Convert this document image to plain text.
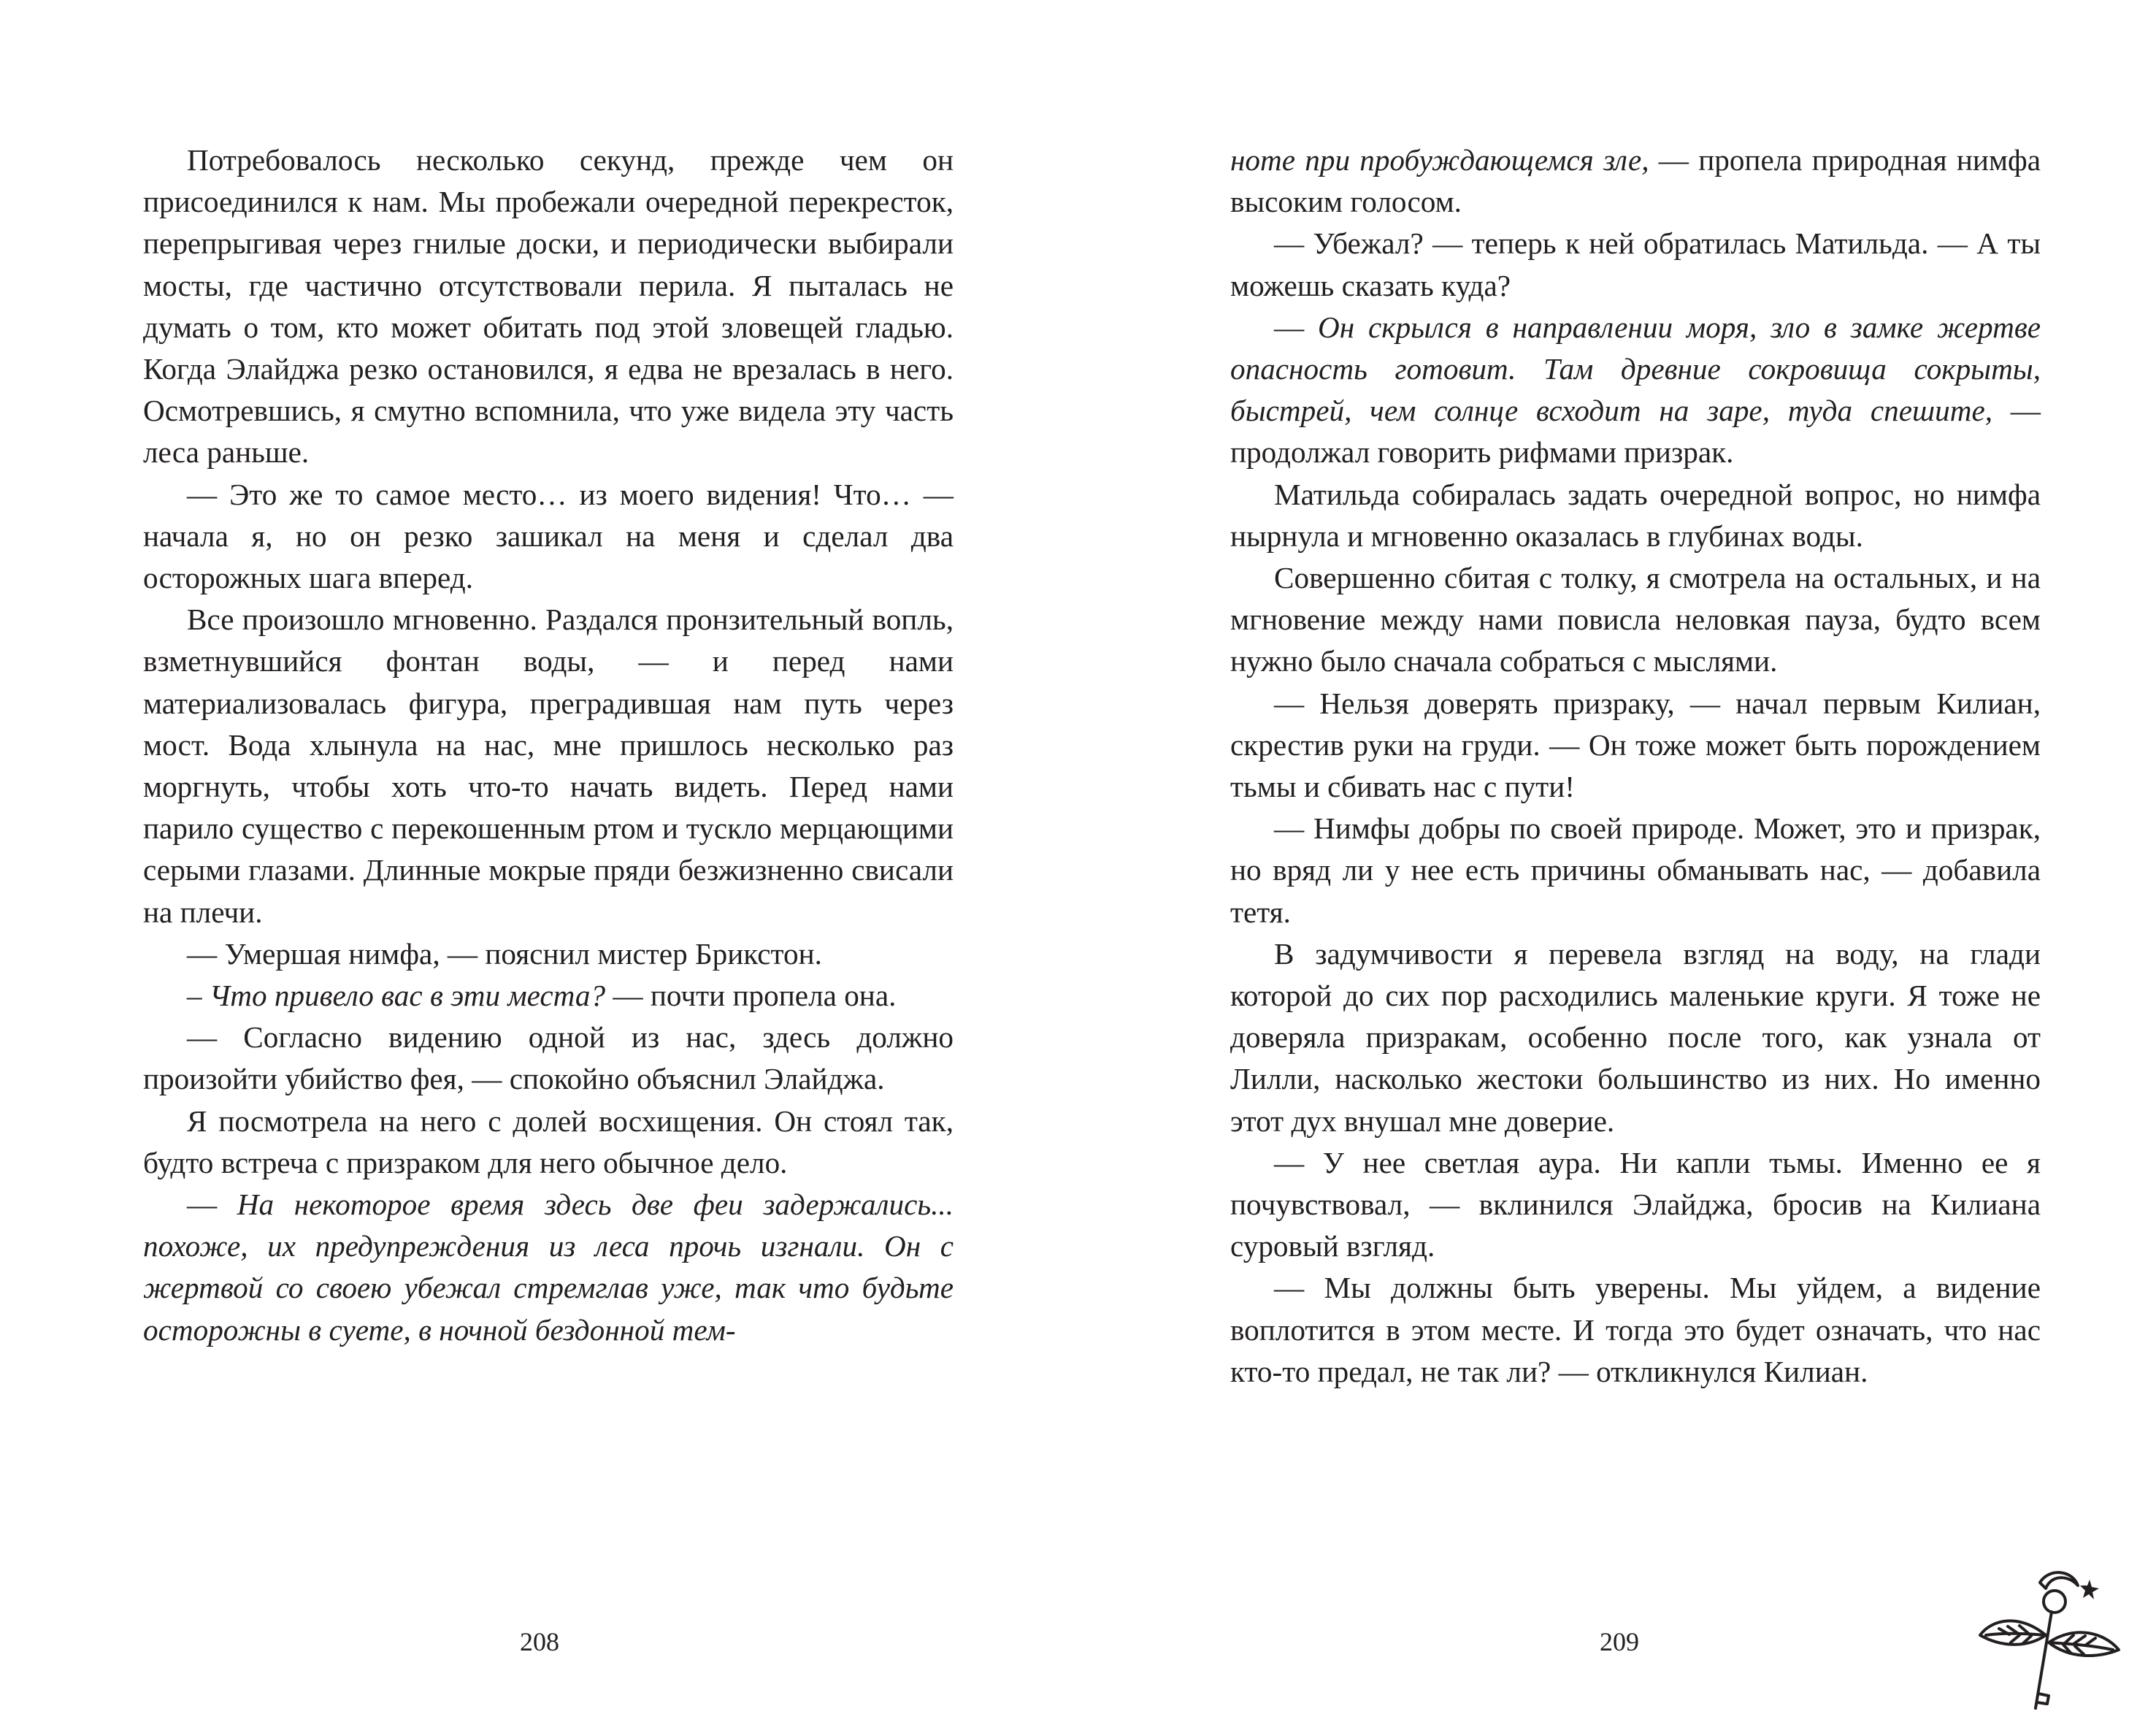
Потребовалось несколько секунд, прежде чем он присоединился к нам. Мы пробежали очередной перекресток, перепрыгивая через гнилые доски, и периодически выбирали мосты, где частично отсутствовали перила. Я пыталась не думать о том, кто может обитать под этой зловещей гладью. Когда Элайджа резко остановился, я едва не врезалась в него. Осмотревшись, я смутно вспомнила, что уже видела эту часть леса раньше.

— Это же то самое место… из моего видения! Что… — начала я, но он резко зашикал на меня и сделал два осторожных шага вперед.

Все произошло мгновенно. Раздался пронзительный вопль, взметнувшийся фонтан воды, — и перед нами материализовалась фигура, преградившая нам путь через мост. Вода хлынула на нас, мне пришлось несколько раз моргнуть, чтобы хоть что-то начать видеть. Перед нами парило существо с перекошенным ртом и тускло мерцающими серыми глазами. Длинные мокрые пряди безжизненно свисали на плечи.

— Умершая нимфа, — пояснил мистер Брикстон.

– Что привело вас в эти места? — почти пропела она.

— Согласно видению одной из нас, здесь должно произойти убийство фея, — спокойно объяснил Элайджа.

Я посмотрела на него с долей восхищения. Он стоял так, будто встреча с призраком для него обычное дело.

— На некоторое время здесь две феи задержались... похоже, их предупреждения из леса прочь изгнали. Он с жертвой со своею убежал стремглав уже, так что будьте осторожны в суете, в ночной бездонной тем-

208

ноте при пробуждающемся зле, — пропела природная нимфа высоким голосом.

— Убежал? — теперь к ней обратилась Матильда. — А ты можешь сказать куда?

— Он скрылся в направлении моря, зло в замке жертве опасность готовит. Там древние сокровища сокрыты, быстрей, чем солнце всходит на заре, туда спешите, — продолжал говорить рифмами призрак.

Матильда собиралась задать очередной вопрос, но нимфа нырнула и мгновенно оказалась в глубинах воды.

Совершенно сбитая с толку, я смотрела на остальных, и на мгновение между нами повисла неловкая пауза, будто всем нужно было сначала собраться с мыслями.

— Нельзя доверять призраку, — начал первым Килиан, скрестив руки на груди. — Он тоже может быть порождением тьмы и сбивать нас с пути!

— Нимфы добры по своей природе. Может, это и призрак, но вряд ли у нее есть причины обманывать нас, — добавила тетя.

В задумчивости я перевела взгляд на воду, на глади которой до сих пор расходились маленькие круги. Я тоже не доверяла призракам, особенно после того, как узнала от Лилли, насколько жестоки большинство из них. Но именно этот дух внушал мне доверие.

— У нее светлая аура. Ни капли тьмы. Именно ее я почувствовал, — вклинился Элайджа, бросив на Килиана суровый взгляд.

— Мы должны быть уверены. Мы уйдем, а видение воплотится в этом месте. И тогда это будет означать, что нас кто-то предал, не так ли? — откликнулся Килиан.

209
